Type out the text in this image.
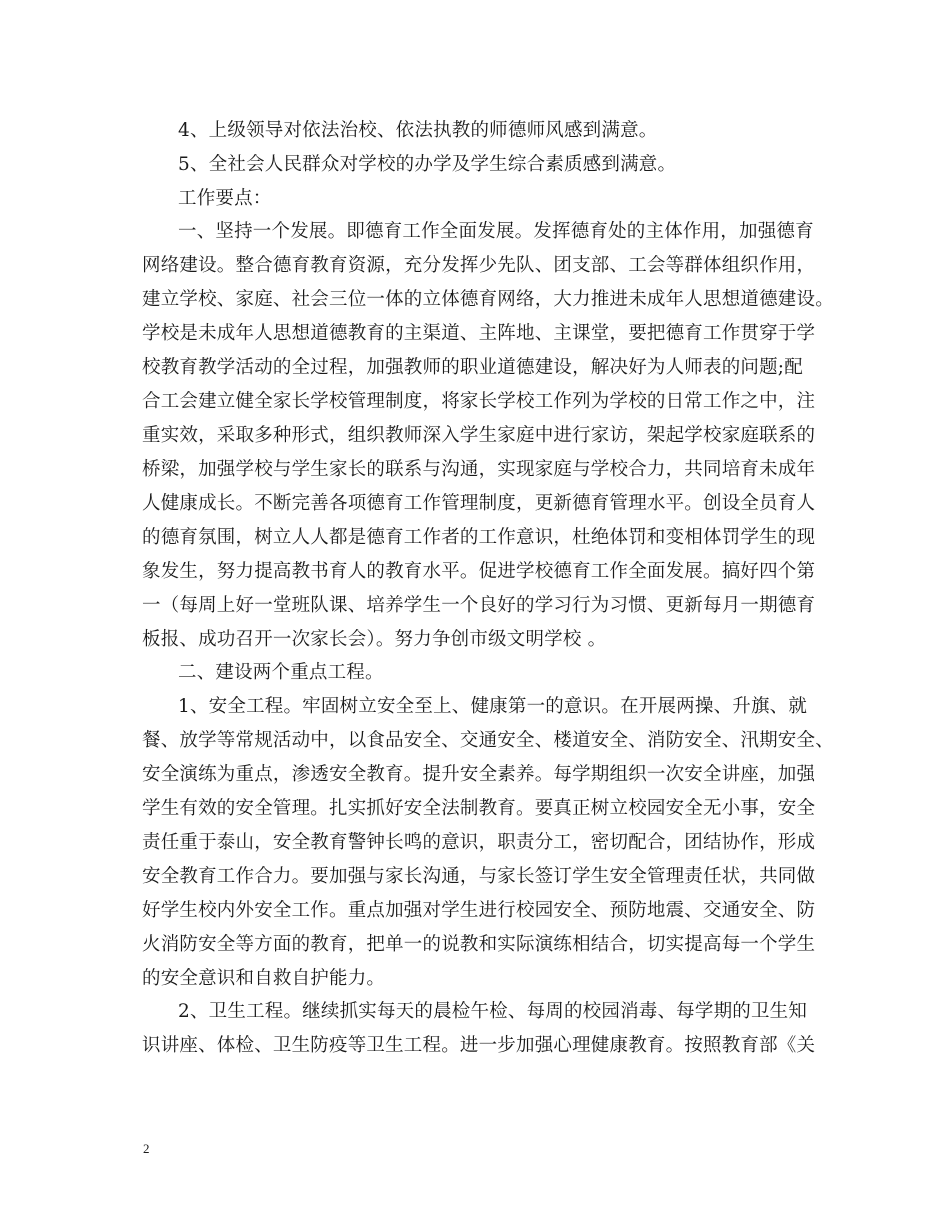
4、上级领导对依法治校、依法执教的师德师风感到满意。
5、全社会人民群众对学校的办学及学生综合素质感到满意。
工作要点：
一、坚持一个发展。即德育工作全面发展。发挥德育处的主体作用，加强德育
网络建设。整合德育教育资源，充分发挥少先队、团支部、工会等群体组织作用，
建立学校、家庭、社会三位一体的立体德育网络，大力推进未成年人思想道德建设。
学校是未成年人思想道德教育的主渠道、主阵地、主课堂，要把德育工作贯穿于学
校教育教学活动的全过程，加强教师的职业道德建设，解决好为人师表的问题;配
合工会建立健全家长学校管理制度，将家长学校工作列为学校的日常工作之中，注
重实效，采取多种形式，组织教师深入学生家庭中进行家访，架起学校家庭联系的
桥梁，加强学校与学生家长的联系与沟通，实现家庭与学校合力，共同培育未成年
人健康成长。不断完善各项德育工作管理制度，更新德育管理水平。创设全员育人
的德育氛围，树立人人都是德育工作者的工作意识，杜绝体罚和变相体罚学生的现
象发生，努力提高教书育人的教育水平。促进学校德育工作全面发展。搞好四个第
一（每周上好一堂班队课、培养学生一个良好的学习行为习惯、更新每月一期德育
板报、成功召开一次家长会）。努力争创市级文明学校 。
二、建设两个重点工程。
1、安全工程。牢固树立安全至上、健康第一的意识。在开展两操、升旗、就
餐、放学等常规活动中，以食品安全、交通安全、楼道安全、消防安全、汛期安全、
安全演练为重点，渗透安全教育。提升安全素养。每学期组织一次安全讲座，加强
学生有效的安全管理。扎实抓好安全法制教育。要真正树立校园安全无小事，安全
责任重于泰山，安全教育警钟长鸣的意识，职责分工，密切配合，团结协作，形成
安全教育工作合力。要加强与家长沟通，与家长签订学生安全管理责任状，共同做
好学生校内外安全工作。重点加强对学生进行校园安全、预防地震、交通安全、防
火消防安全等方面的教育，把单一的说教和实际演练相结合，切实提高每一个学生
的安全意识和自救自护能力。
2、卫生工程。继续抓实每天的晨检午检、每周的校园消毒、每学期的卫生知
识讲座、体检、卫生防疫等卫生工程。进一步加强心理健康教育。按照教育部《关
2
